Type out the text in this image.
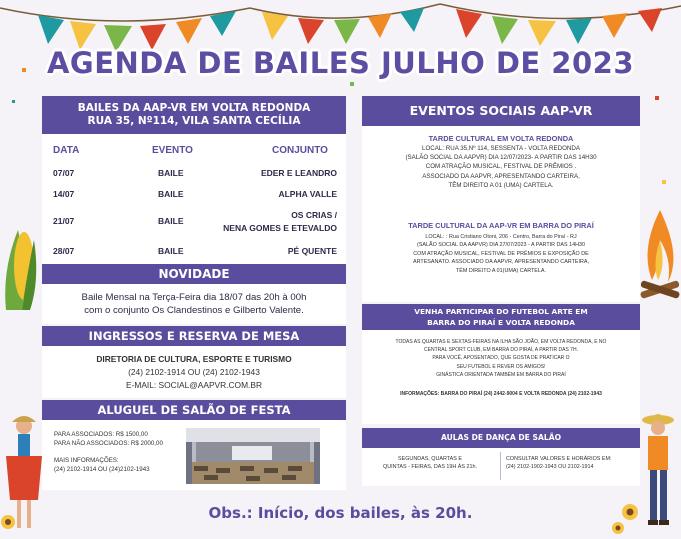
AGENDA DE BAILES JULHO DE 2023
BAILES DA AAP-VR EM VOLTA REDONDA
RUA 35, Nº114, VILA SANTA CECÍLIA
DATA	EVENTO	CONJUNTO
07/07	BAILE	EDER E LEANDRO
14/07	BAILE	ALPHA VALLE
21/07	BAILE
OS CRIAS /
NENA GOMES E ETEVALDO
28/07	BAILE	PÉ QUENTE
NOVIDADE
Baile Mensal na Terça-Feira dia 18/07 das 20h à 00h
com o conjunto Os Clandestinos e Gilberto Valente.
INGRESSOS E RESERVA DE MESA
DIRETORIA DE CULTURA, ESPORTE E TURISMO
(24) 2102-1914 OU (24) 2102-1943
E-MAIL: SOCIAL@AAPVR.COM.BR
ALUGUEL DE SALÃO DE FESTA
PARA ASSOCIADOS: R$ 1500,00
PARA NÃO ASSOCIADOS: R$ 2000,00
MAIS INFORMAÇÕES:
(24) 2102-1914 OU (24)2102-1943
EVENTOS SOCIAIS AAP-VR
TARDE CULTURAL EM VOLTA REDONDA
LOCAL: RUA 35,Nº 114, SESSENTA - VOLTA REDONDA
(SALÃO SOCIAL DA AAPVR) DIA 12/07/2023- A PARTIR DAS 14H30
COM ATRAÇÃO MUSICAL, FESTIVAL DE PRÊMIOS .
ASSOCIADO DA AAPVR, APRESENTANDO CARTEIRA,
TÊM DIREITO A 01 (UMA) CARTELA.
TARDE CULTURAL DA AAP-VR EM BARRA DO PIRAÍ
LOCAL: : Rua Cristiano Otoni, 206 - Centro, Barra do Piraí - RJ
(SALÃO SOCIAL DA AAPVR) DIA 27/07/2023 - A PARTIR DAS 14H30
COM ATRAÇÃO MUSICAL, FESTIVAL DE PRÊMIOS E EXPOSIÇÃO DE
ARTESANATO. ASSOCIADO DA AAPVR, APRESENTANDO CARTEIRA,
TÊM DIREITO A 01(UMA) CARTELA.
VENHA PARTICIPAR DO FUTEBOL ARTE EM
BARRA DO PIRAÍ E VOLTA REDONDA
TODAS AS QUARTAS E SEXTAS-FEIRAS NA ILHA SÃO JOÃO, EM VOLTA REDONDA, E NO
CENTRAL SPORT CLUB, EM BARRA DO PIRAÍ, A PARTIR DAS 7H.
PARA VOCÊ, APOSENTADO, QUE GOSTA DE PRATICAR O
SEU FUTEBOL E REVER OS AMIGOS!
GINÁSTICA ORIENTADA TAMBÉM EM BARRA DO PIRAÍ
INFORMAÇÕES: BARRA DO PIRAÍ (24) 2442-9004 E VOLTA REDONDA (24) 2102-1943
AULAS DE DANÇA DE SALÃO
SEGUNDAS, QUARTAS E
QUINTAS - FEIRAS, DAS 19H ÀS 21h.
CONSULTAR VALORES E HORÁRIOS EM:
(24) 2102-1902-1943 OU 2102-1914
Obs.: Início, dos bailes, às 20h.
